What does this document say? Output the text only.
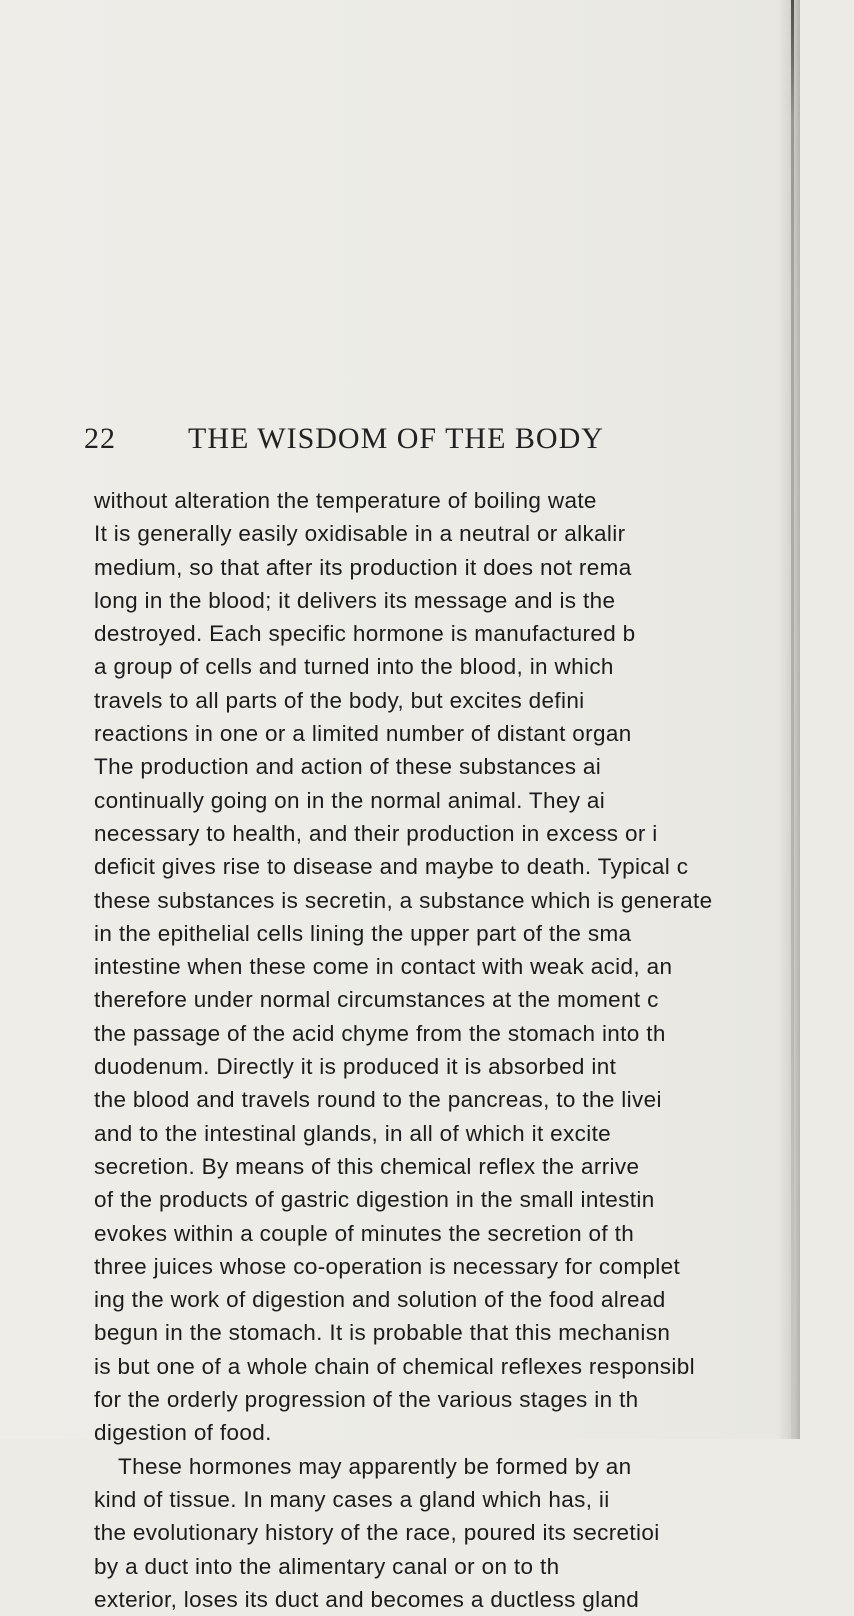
22 THE WISDOM OF THE BODY
without alteration the temperature of boiling wate
It is generally easily oxidisable in a neutral or alkalir
medium, so that after its production it does not rema
long in the blood; it delivers its message and is the
destroyed. Each specific hormone is manufactured b
a group of cells and turned into the blood, in which
travels to all parts of the body, but excites defini
reactions in one or a limited number of distant organ
The production and action of these substances ai
continually going on in the normal animal. They ai
necessary to health, and their production in excess or i
deficit gives rise to disease and maybe to death. Typical c
these substances is secretin, a substance which is generate
in the epithelial cells lining the upper part of the sma
intestine when these come in contact with weak acid, an
therefore under normal circumstances at the moment c
the passage of the acid chyme from the stomach into th
duodenum. Directly it is produced it is absorbed int
the blood and travels round to the pancreas, to the livei
and to the intestinal glands, in all of which it excite
secretion. By means of this chemical reflex the arrive
of the products of gastric digestion in the small intestin
evokes within a couple of minutes the secretion of th
three juices whose co-operation is necessary for complet
ing the work of digestion and solution of the food alread
begun in the stomach. It is probable that this mechanisn
is but one of a whole chain of chemical reflexes responsibl
for the orderly progression of the various stages in th
digestion of food.
These hormones may apparently be formed by an
kind of tissue. In many cases a gland which has, ii
the evolutionary history of the race, poured its secretioi
by a duct into the alimentary canal or on to th
exterior, loses its duct and becomes a ductless gland
